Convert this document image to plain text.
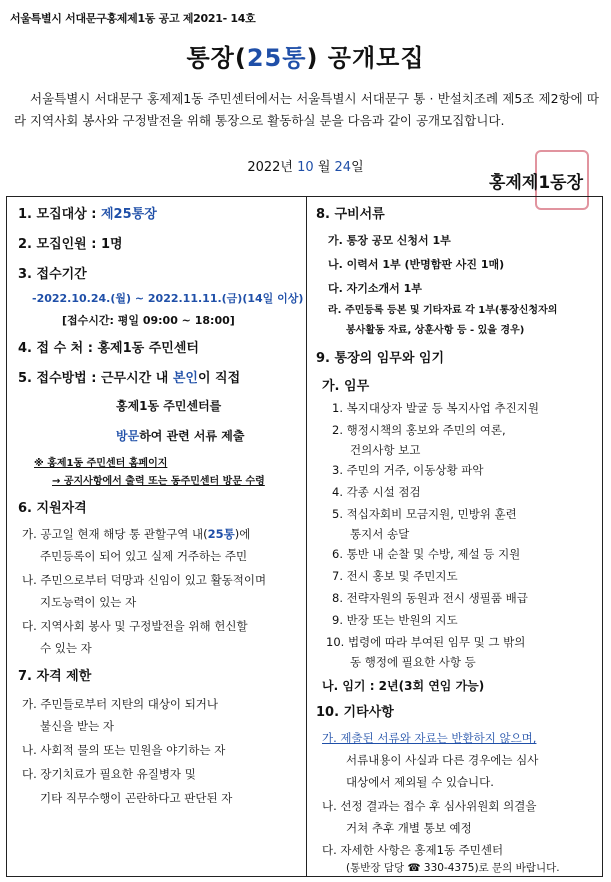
서울특별시 서대문구홍제제1동 공고 제2021- 14호
통장(25통) 공개모집
서울특별시 서대문구 홍제제1동 주민센터에서는 서울특별시 서대문구 통 · 반설치조례 제5조 제2항에 따라 지역사회 봉사와 구정발전을 위해 통장으로 활동하실 분을 다음과 같이 공개모집합니다.
2022년 10 월 24일
홍제제1동장
1. 모집대상 : 제25통장
2. 모집인원 : 1명
3. 접수기간
-2022.10.24.(월) ~ 2022.11.11.(금)(14일 이상)
[접수시간: 평일 09:00 ~ 18:00]
4. 접 수 처 : 홍제1동 주민센터
5. 접수방법 : 근무시간 내 본인이 직접
홍제1동 주민센터를
방문하여 관련 서류 제출
※ 홍제1동 주민센터 홈페이지
→ 공지사항에서 출력 또는 동주민센터 방문 수령
6. 지원자격
가. 공고일 현재 해당 통 관할구역 내(25통)에
주민등록이 되어 있고 실제 거주하는 주민
나. 주민으로부터 덕망과 신임이 있고 활동적이며
지도능력이 있는 자
다. 지역사회 봉사 및 구정발전을 위해 헌신할
수 있는 자
7. 자격 제한
가. 주민들로부터 지탄의 대상이 되거나
불신을 받는 자
나. 사회적 물의 또는 민원을 야기하는 자
다. 장기치료가 필요한 유질병자 및
기타 직무수행이 곤란하다고 판단된 자
8. 구비서류
가. 통장 공모 신청서 1부
나. 이력서 1부 (반명함판 사진 1매)
다. 자기소개서 1부
라. 주민등록 등본 및 기타자료 각 1부(통장신청자의
봉사활동 자료, 상훈사항 등 - 있을 경우)
9. 통장의 임무와 임기
가. 임무
1. 복지대상자 발굴 등 복지사업 추진지원
2. 행정시책의 홍보와 주민의 여론,
건의사항 보고
3. 주민의 거주, 이동상황 파악
4. 각종 시설 점검
5. 적십자회비 모금지원, 민방위 훈련
통지서 송달
6. 통반 내 순찰 및 수방, 제설 등 지원
7. 전시 홍보 및 주민지도
8. 전략자원의 동원과 전시 생필품 배급
9. 반장 또는 반원의 지도
10. 법령에 따라 부여된 임무 및 그 밖의
동 행정에 필요한 사항 등
나. 임기 : 2년(3회 연임 가능)
10. 기타사항
가. 제출된 서류와 자료는 반환하지 않으며,
서류내용이 사실과 다른 경우에는 심사
대상에서 제외될 수 있습니다.
나. 선정 결과는 접수 후 심사위원회 의결을
거쳐 추후 개별 통보 예정
다. 자세한 사항은 홍제1동 주민센터
(통반장 담당 ☎ 330-4375)로 문의 바랍니다.
